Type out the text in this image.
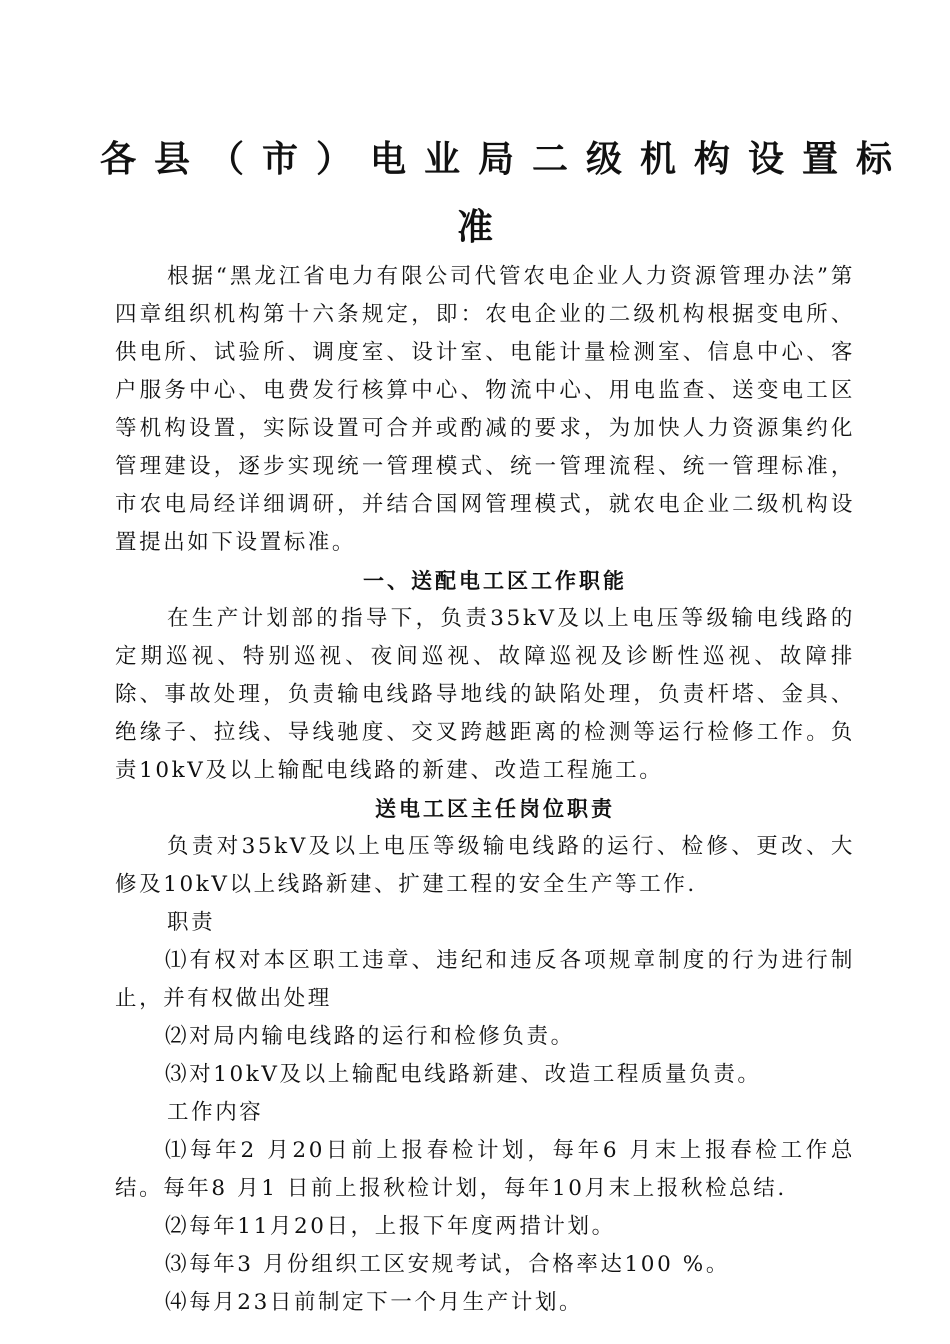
各县（市）电业局二级机构设置标
准

根据“黑龙江省电力有限公司代管农电企业人力资源管理办法”第四章组织机构第十六条规定，即：农电企业的二级机构根据变电所、供电所、试验所、调度室、设计室、电能计量检测室、信息中心、客户服务中心、电费发行核算中心、物流中心、用电监查、送变电工区等机构设置，实际设置可合并或酌减的要求，为加快人力资源集约化管理建设，逐步实现统一管理模式、统一管理流程、统一管理标准，市农电局经详细调研，并结合国网管理模式，就农电企业二级机构设置提出如下设置标准。

一、送配电工区工作职能

在生产计划部的指导下，负责35kV及以上电压等级输电线路的定期巡视、特别巡视、夜间巡视、故障巡视及诊断性巡视、故障排除、事故处理，负责输电线路导地线的缺陷处理，负责杆塔、金具、绝缘子、拉线、导线驰度、交叉跨越距离的检测等运行检修工作。负责10kV及以上输配电线路的新建、改造工程施工。

送电工区主任岗位职责

负责对35kV及以上电压等级输电线路的运行、检修、更改、大修及10kV以上线路新建、扩建工程的安全生产等工作.

职责

⑴有权对本区职工违章、违纪和违反各项规章制度的行为进行制止，并有权做出处理

⑵对局内输电线路的运行和检修负责。

⑶对10kV及以上输配电线路新建、改造工程质量负责。

工作内容

⑴每年2 月20日前上报春检计划，每年6 月末上报春检工作总结。每年8 月1 日前上报秋检计划，每年10月末上报秋检总结.

⑵每年11月20日，上报下年度两措计划。

⑶每年3 月份组织工区安规考试，合格率达100 %。

⑷每月23日前制定下一个月生产计划。
